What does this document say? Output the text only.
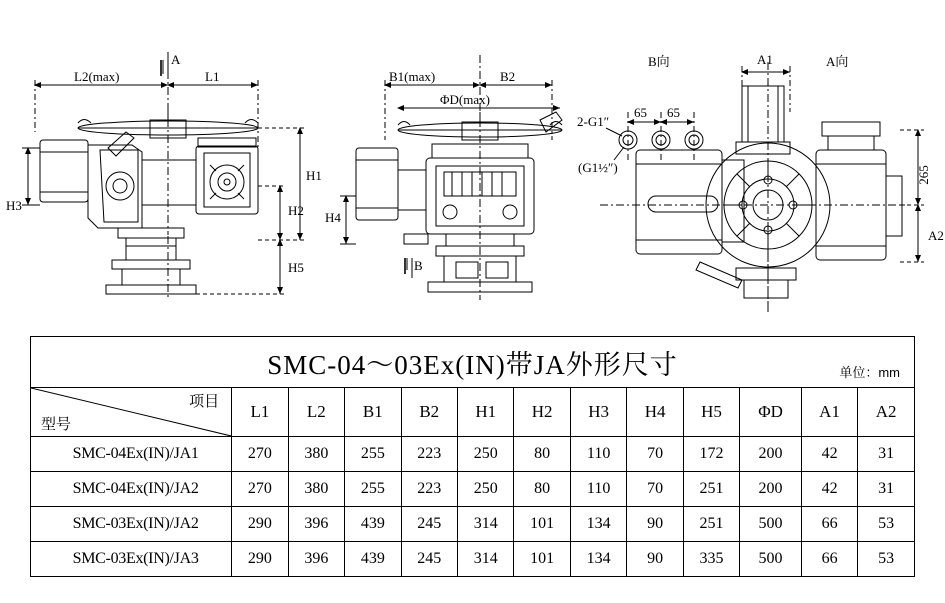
L2(max)	L1
A
H3
H1
H2
H5
B1(max)	B2
ΦD(max)
H4
B
B向	A向
A1
2-G1″
(G1½″)
65 65
265
A2
SMC-04～03Ex(IN)带JA外形尺寸 单位：mm												

项目
型号	L1	L2	B1	B2	H1	H2	H3	H4	H5	ΦD	A1	A2
SMC-04Ex(IN)/JA1	270	380	255	223	250	80	110	70	172	200	42	31
SMC-04Ex(IN)/JA2	270	380	255	223	250	80	110	70	251	200	42	31
SMC-03Ex(IN)/JA2	290	396	439	245	314	101	134	90	251	500	66	53
SMC-03Ex(IN)/JA3	290	396	439	245	314	101	134	90	335	500	66	53
